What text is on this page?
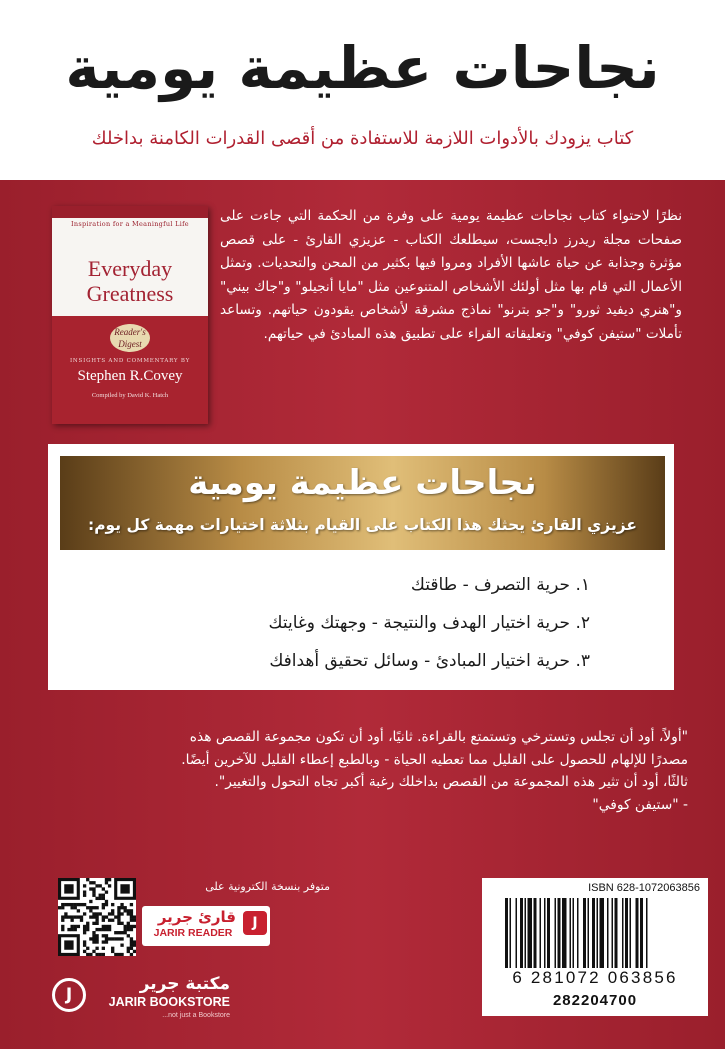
نجاحات عظيمة يومية
كتاب يزودك بالأدوات اللازمة للاستفادة من أقصى القدرات الكامنة بداخلك
Inspiration for a Meaningful Life
Everyday
Greatness
Reader's Digest
INSIGHTS AND COMMENTARY BY
Stephen R.Covey
Compiled by David K. Hatch
نظرًا لاحتواء كتاب نجاحات عظيمة يومية على وفرة من الحكمة التي جاءت على صفحات مجلة ريدرز دايجست، سيطلعك الكتاب - عزيزي القارئ - على قصص مؤثرة وجذابة عن حياة عاشها الأفراد ومروا فيها بكثير من المحن والتحديات. وتمثل الأعمال التي قام بها مثل أولئك الأشخاص المتنوعين مثل "مايا أنجيلو" و"جاك بيني" و"هنري ديفيد ثورو" و"جو بترنو" نماذج مشرقة لأشخاص يقودون حياتهم. وتساعد تأملات "ستيفن كوفي" وتعليقاته القراء على تطبيق هذه المبادئ في حياتهم.
نجاحات عظيمة يومية
عزيزي القارئ يحثك هذا الكتاب على القيام بثلاثة اختيارات مهمة كل يوم:
١. حرية التصرف - طاقتك
٢. حرية اختيار الهدف والنتيجة - وجهتك وغايتك
٣. حرية اختيار المبادئ - وسائل تحقيق أهدافك
"أولاً، أود أن تجلس وتسترخي وتستمتع بالقراءة. ثانيًا، أود أن تكون مجموعة القصص هذه
مصدرًا للإلهام للحصول على القليل مما تعطيه الحياة - وبالطبع إعطاء القليل للآخرين أيضًا.
ثالثًا، أود أن تثير هذه المجموعة من القصص بداخلك رغبة أكبر تجاه التحول والتغيير".
- "ستيفن كوفي"
متوفر بنسخة الكترونية على
قارئ جرير
JARIR READER
J
J
مكتبة جرير
JARIR BOOKSTORE
...not just a Bookstore
ISBN 628-1072063856
6 281072 063856
282204700
